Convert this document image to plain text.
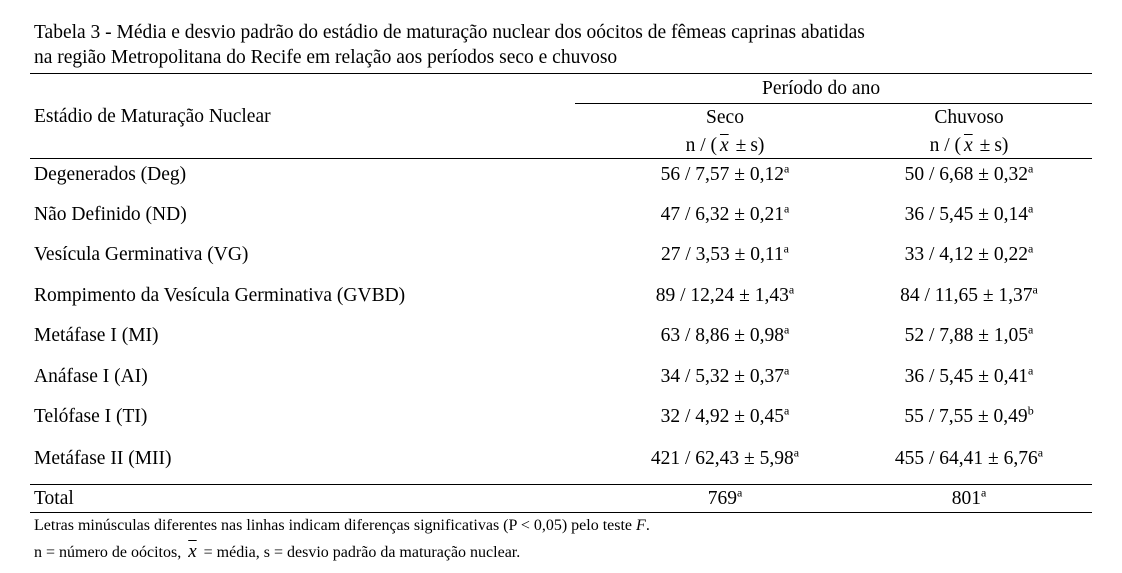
Tabela 3 - Média e desvio padrão do estádio de maturação nuclear dos oócitos de fêmeas caprinas abatidas
na região Metropolitana do Recife em relação aos períodos seco e chuvoso
Período do ano
Estádio de Maturação Nuclear	Seco	Chuvoso
n / ( $\overline{x} \pm s$)	n / ( $\overline{x} \pm s$)
Degenerados (Deg)	56 / 7,57 ± 0,12$^a$	50 / 6,68 ± 0,32$^a$
Não Definido (ND)	47 / 6,32 ± 0,21$^a$	36 / 5,45 ± 0,14$^a$
Vesícula Germinativa (VG)	27 / 3,53 ± 0,11$^a$	33 / 4,12 ± 0,22$^a$
Rompimento da Vesícula Germinativa (GVBD)	89 / 12,24 ± 1,43$^a$	84 / 11,65 ± 1,37$^a$
Metáfase I (MI)	63 / 8,86 ± 0,98$^a$	52 / 7,88 ± 1,05$^a$
Anáfase I (AI)	34 / 5,32 ± 0,37$^a$	36 / 5,45 ± 0,41$^a$
Telófase I (TI)	32 / 4,92 ± 0,45$^a$	55 / 7,55 ± 0,49$^b$
Metáfase II (MII)	421 / 62,43 ± 5,98$^a$	455 / 64,41 ± 6,76$^a$
Total	769$^a$	801$^a$
Letras minúsculas diferentes nas linhas indicam diferenças significativas (P < 0,05) pelo teste F.
n = número de oócitos, $\overline{x}$ = média, s = desvio padrão da maturação nuclear.
